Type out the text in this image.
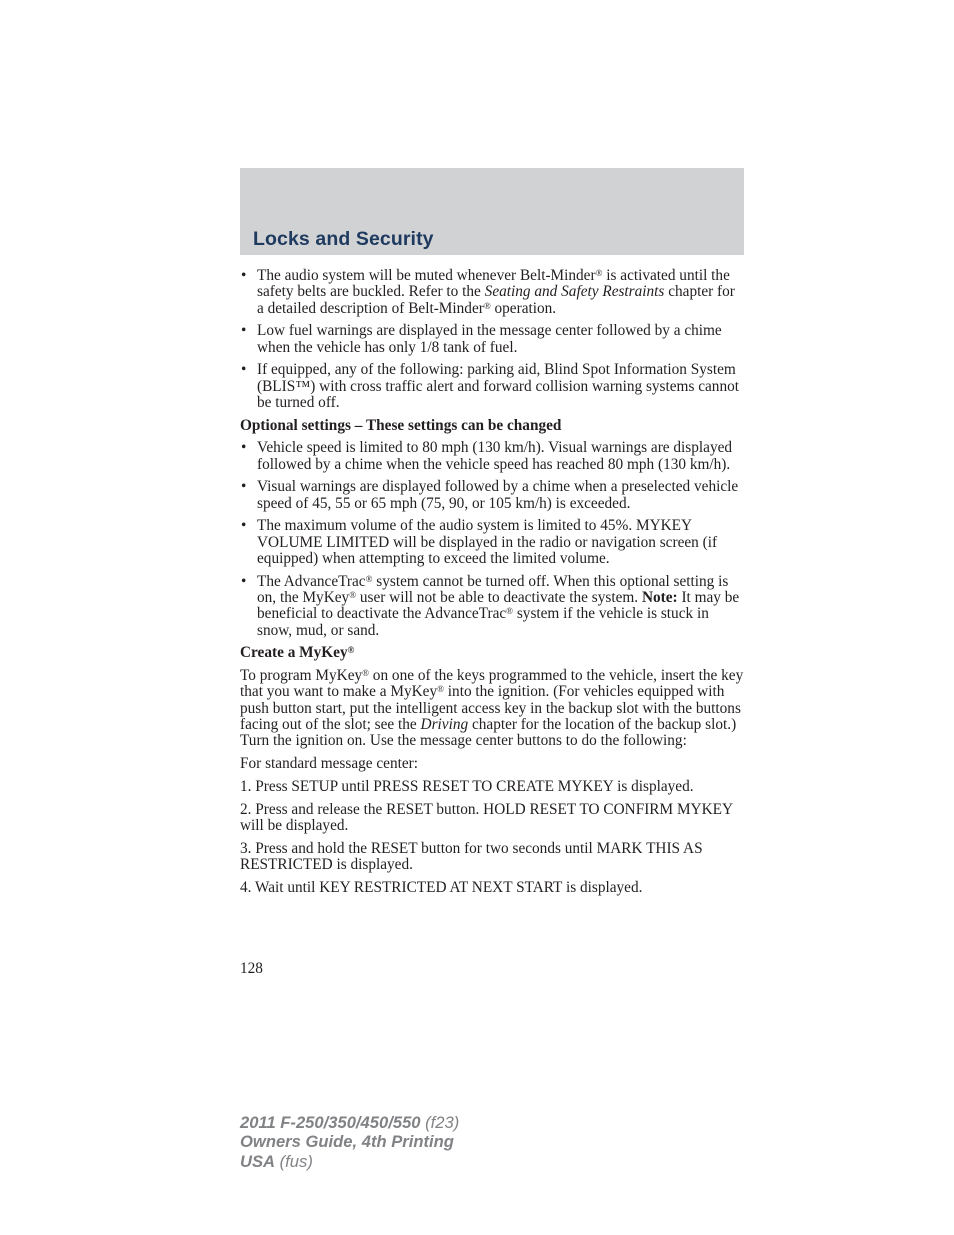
Locks and Security
• The audio system will be muted whenever Belt-Minder® is activated until the safety belts are buckled. Refer to the Seating and Safety Restraints chapter for a detailed description of Belt-Minder® operation.
• Low fuel warnings are displayed in the message center followed by a chime when the vehicle has only 1/8 tank of fuel.
• If equipped, any of the following: parking aid, Blind Spot Information System (BLIS™) with cross traffic alert and forward collision warning systems cannot be turned off.
Optional settings – These settings can be changed
• Vehicle speed is limited to 80 mph (130 km/h). Visual warnings are displayed followed by a chime when the vehicle speed has reached 80 mph (130 km/h).
• Visual warnings are displayed followed by a chime when a preselected vehicle speed of 45, 55 or 65 mph (75, 90, or 105 km/h) is exceeded.
• The maximum volume of the audio system is limited to 45%. MYKEY VOLUME LIMITED will be displayed in the radio or navigation screen (if equipped) when attempting to exceed the limited volume.
• The AdvanceTrac® system cannot be turned off. When this optional setting is on, the MyKey® user will not be able to deactivate the system. Note: It may be beneficial to deactivate the AdvanceTrac® system if the vehicle is stuck in snow, mud, or sand.
Create a MyKey®

To program MyKey® on one of the keys programmed to the vehicle, insert the key that you want to make a MyKey® into the ignition. (For vehicles equipped with push button start, put the intelligent access key in the backup slot with the buttons facing out of the slot; see the Driving chapter for the location of the backup slot.) Turn the ignition on. Use the message center buttons to do the following:

For standard message center:

1. Press SETUP until PRESS RESET TO CREATE MYKEY is displayed.

2. Press and release the RESET button. HOLD RESET TO CONFIRM MYKEY will be displayed.

3. Press and hold the RESET button for two seconds until MARK THIS AS RESTRICTED is displayed.

4. Wait until KEY RESTRICTED AT NEXT START is displayed.

128
2011 F-250/350/450/550 (f23)
Owners Guide, 4th Printing
USA (fus)
